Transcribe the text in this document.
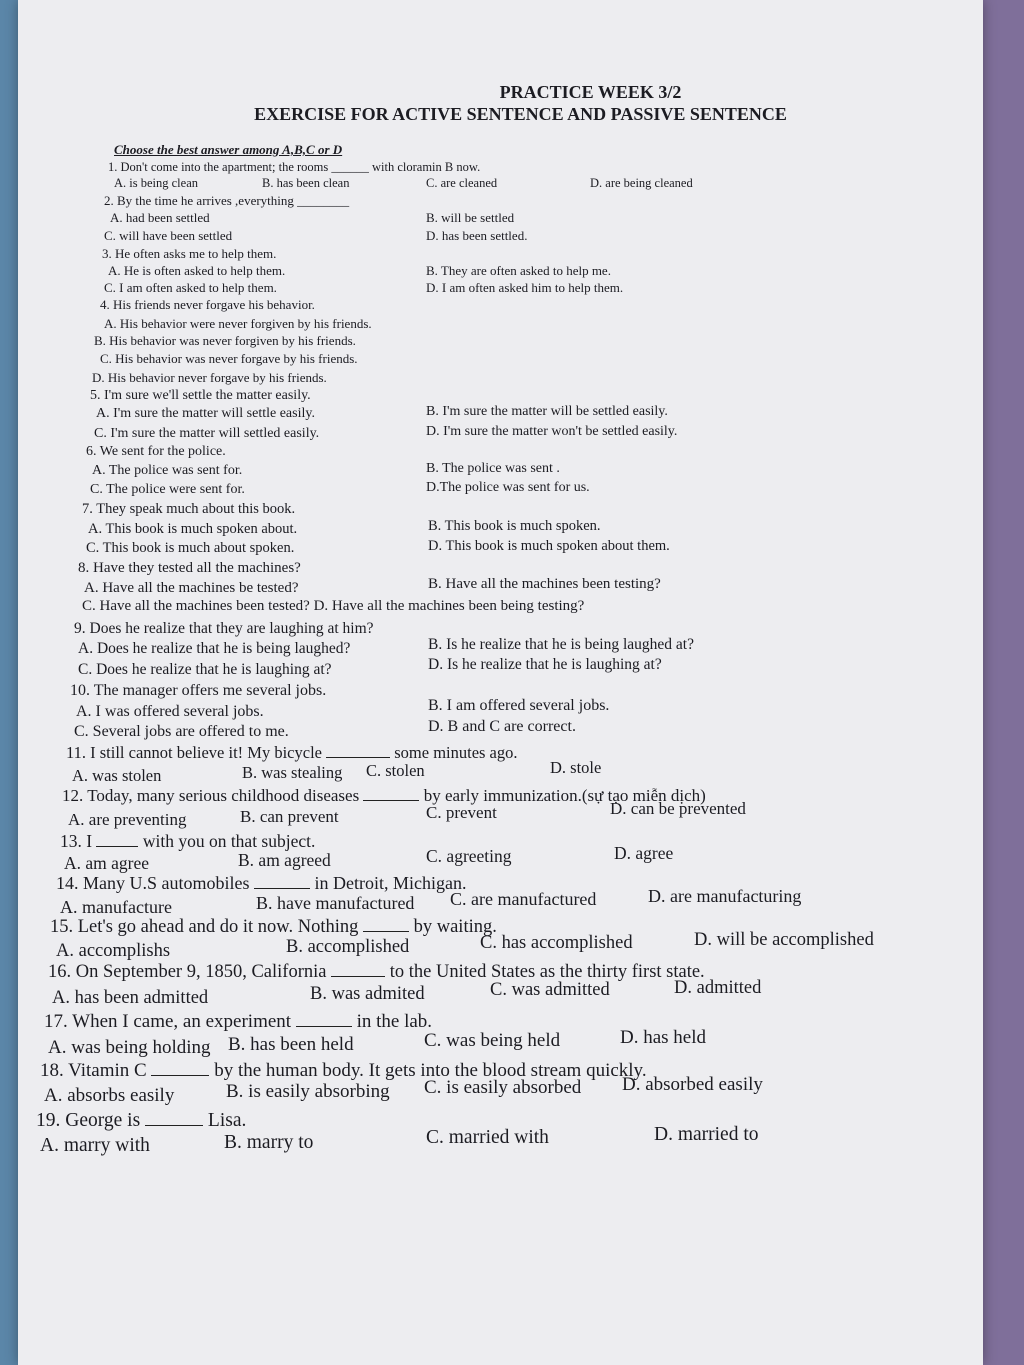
PRACTICE WEEK 3/2
EXERCISE FOR ACTIVE SENTENCE AND PASSIVE SENTENCE
Choose the best answer among A,B,C or D
1. Don't come into the apartment; the rooms ______ with cloramin B now.
A. is being clean	B. has been clean	C. are cleaned	D. are being cleaned
2. By the time he arrives ,everything ________
A. had been settled	B. will be settled
C. will have been settled	D. has been settled.
3. He often asks me to help them.
A. He is often asked to help them.	B. They are often asked to help me.
C. I am often asked to help them.	D. I am often asked him to help them.
4. His friends never forgave his behavior.
A. His behavior were never forgiven by his friends.
B. His behavior was never forgiven by his friends.
C. His behavior was never forgave by his friends.
D. His behavior never forgave by his friends.
5. I'm sure we'll settle the matter easily.
A. I'm sure the matter will settle easily.	B. I'm sure the matter will be settled easily.
C. I'm sure the matter will settled easily.	D. I'm sure the matter won't be settled easily.
6. We sent for the police.
A. The police was sent for.	B. The police was sent .
C. The police were sent for.	D.The police was sent for us.
7. They speak much about this book.
A. This book is much spoken about.	B. This book is much spoken.
C. This book is much about spoken.	D. This book is much spoken about them.
8. Have they tested all the machines?
A. Have all the machines be tested?	B. Have all the machines been testing?
C. Have all the machines been tested? D. Have all the machines been being testing?
9. Does he realize that they are laughing at him?
A. Does he realize that he is being laughed?	B. Is he realize that he is being laughed at?
C. Does he realize that he is laughing at?	D. Is he realize that he is laughing at?
10. The manager offers me several jobs.
A. I was offered several jobs.	B. I am offered several jobs.
C. Several jobs are offered to me.	D. B and C are correct.
11. I still cannot believe it! My bicycle	some minutes ago.
A. was stolen	B. was stealing C. stolen	D. stole
12. Today, many serious childhood diseases	by early immunization.(sự tạo miễn dịch)
A. are preventing	B. can prevent	C. prevent	D. can be prevented
13. I	with you on that subject.
A. am agree	B. am agreed	C. agreeting	D. agree
14. Many U.S automobiles	in Detroit, Michigan.
A. manufacture	B. have manufactured C. are manufactured	D. are manufacturing
15. Let's go ahead and do it now. Nothing	by waiting.
A. accomplishs	B. accomplished	C. has accomplished	D. will be accomplished
16. On September 9, 1850, California	to the United States as the thirty first state.
A. has been admitted	B. was admited	C. was admitted	D. admitted
17. When I came, an experiment	in the lab.
A. was being holding B. has been held	C. was being held	D. has held
18. Vitamin C	by the human body. It gets into the blood stream quickly.
A. absorbs easily	B. is easily absorbing C. is easily absorbed D. absorbed easily
19. George is	Lisa.
A. marry with	B. marry to	C. married with	D. married to
